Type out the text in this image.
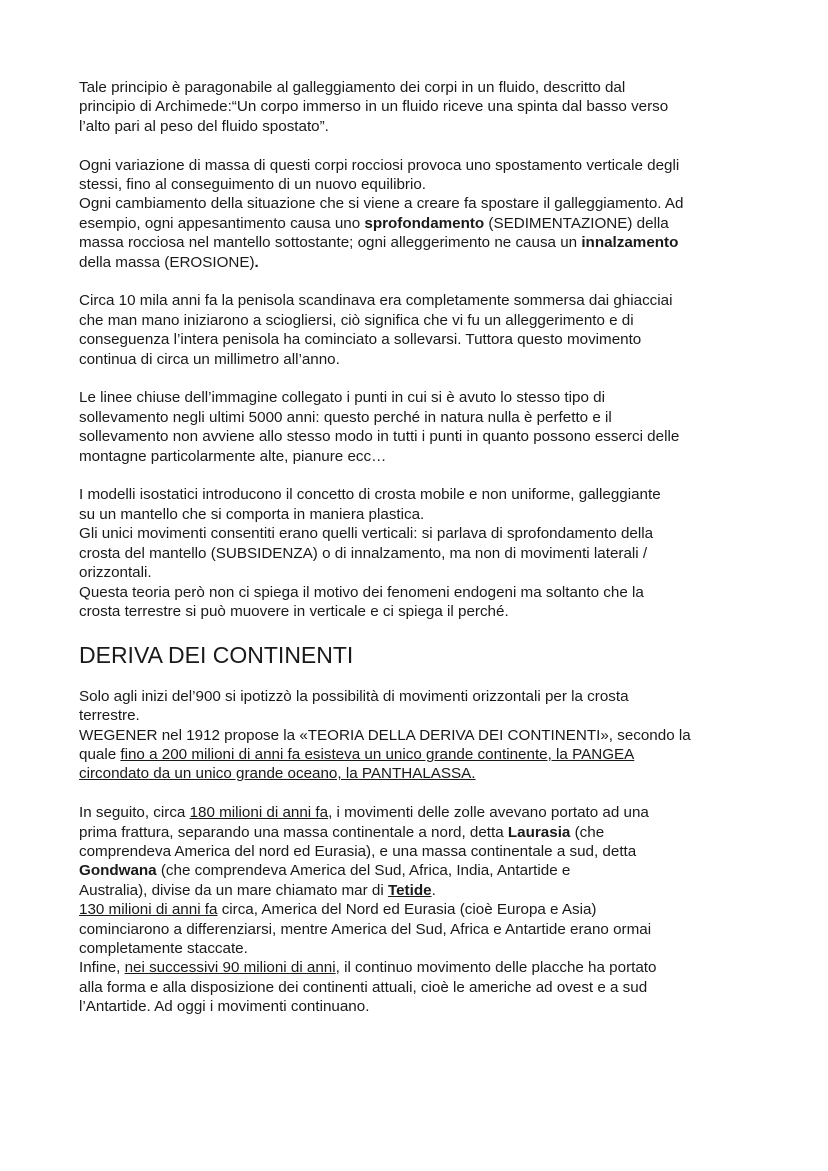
Tale principio è paragonabile al galleggiamento dei corpi in un fluido, descritto dal
principio di Archimede:“Un corpo immerso in un fluido riceve una spinta dal basso verso
l’alto pari al peso del fluido spostato”.

Ogni variazione di massa di questi corpi rocciosi provoca uno spostamento verticale degli
stessi, fino al conseguimento di un nuovo equilibrio.
Ogni cambiamento della situazione che si viene a creare fa spostare il galleggiamento. Ad
esempio, ogni appesantimento causa uno sprofondamento (SEDIMENTAZIONE) della
massa rocciosa nel mantello sottostante; ogni alleggerimento ne causa un innalzamento
della massa (EROSIONE).

Circa 10 mila anni fa la penisola scandinava era completamente sommersa dai ghiacciai
che man mano iniziarono a sciogliersi, ciò significa che vi fu un alleggerimento e di
conseguenza l’intera penisola ha cominciato a sollevarsi. Tuttora questo movimento
continua di circa un millimetro all’anno.

Le linee chiuse dell’immagine collegato i punti in cui si è avuto lo stesso tipo di
sollevamento negli ultimi 5000 anni: questo perché in natura nulla è perfetto e il
sollevamento non avviene allo stesso modo in tutti i punti in quanto possono esserci delle
montagne particolarmente alte, pianure ecc…

I modelli isostatici introducono il concetto di crosta mobile e non uniforme, galleggiante
su un mantello che si comporta in maniera plastica.
Gli unici movimenti consentiti erano quelli verticali: si parlava di sprofondamento della
crosta del mantello (SUBSIDENZA) o di innalzamento, ma non di movimenti laterali /
orizzontali.
Questa teoria però non ci spiega il motivo dei fenomeni endogeni ma soltanto che la
crosta terrestre si può muovere in verticale e ci spiega il perché.

DERIVA DEI CONTINENTI

Solo agli inizi del’900 si ipotizzò la possibilità di movimenti orizzontali per la crosta
terrestre.
WEGENER nel 1912 propose la «TEORIA DELLA DERIVA DEI CONTINENTI», secondo la
quale fino a 200 milioni di anni fa esisteva un unico grande continente, la PANGEA
circondato da un unico grande oceano, la PANTHALASSA.

In seguito, circa 180 milioni di anni fa, i movimenti delle zolle avevano portato ad una
prima frattura, separando una massa continentale a nord, detta Laurasia (che
comprendeva America del nord ed Eurasia), e una massa continentale a sud, detta
Gondwana (che comprendeva America del Sud, Africa, India, Antartide e
Australia), divise da un mare chiamato mar di Tetide.
130 milioni di anni fa circa, America del Nord ed Eurasia (cioè Europa e Asia)
cominciarono a differenziarsi, mentre America del Sud, Africa e Antartide erano ormai
completamente staccate.
Infine, nei successivi 90 milioni di anni, il continuo movimento delle placche ha portato
alla forma e alla disposizione dei continenti attuali, cioè le americhe ad ovest e a sud
l’Antartide. Ad oggi i movimenti continuano.
